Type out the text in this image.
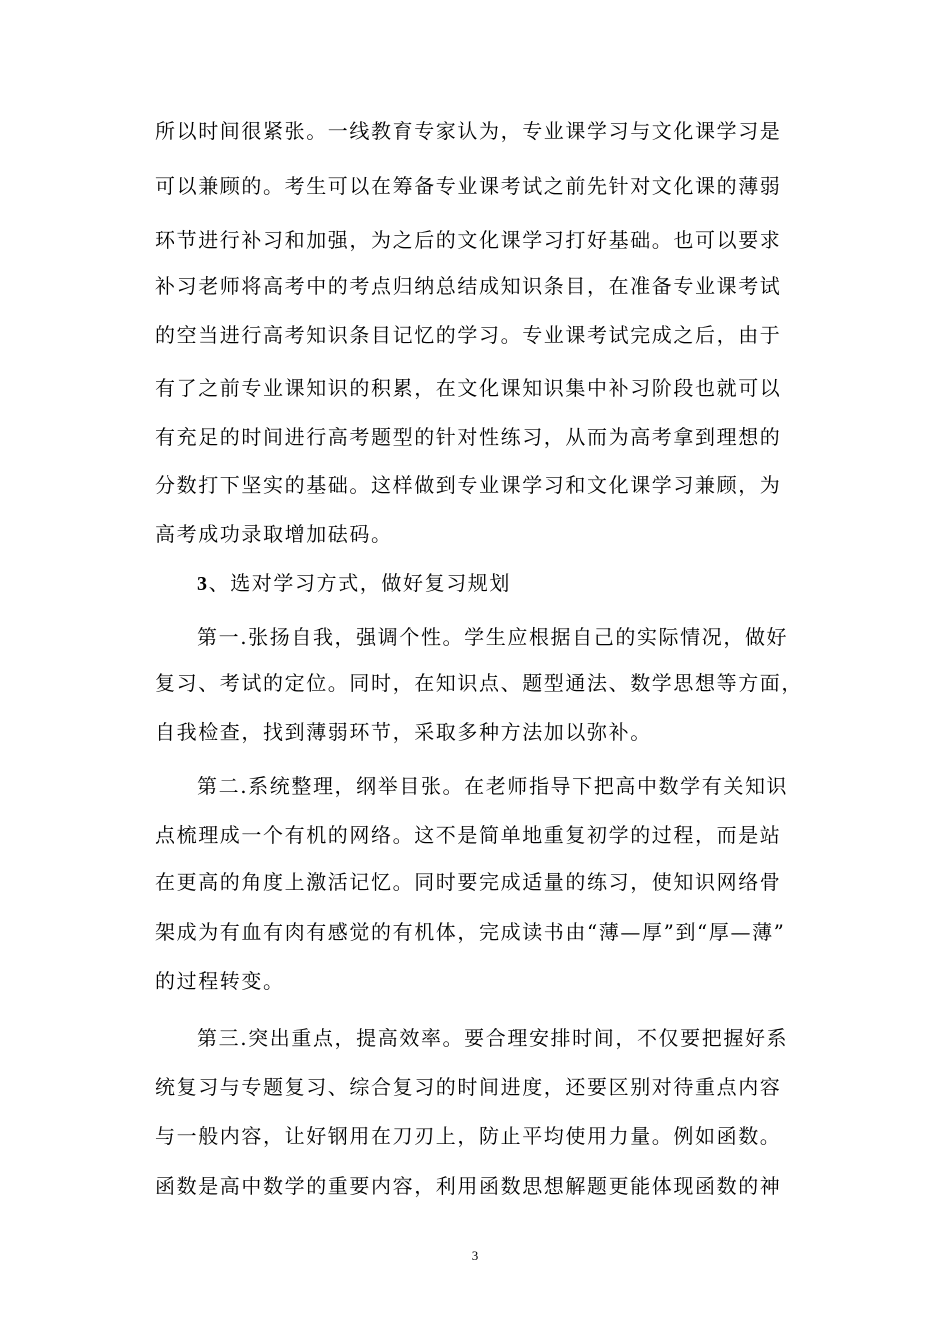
所以时间很紧张。一线教育专家认为，专业课学习与文化课学习是
可以兼顾的。考生可以在筹备专业课考试之前先针对文化课的薄弱
环节进行补习和加强，为之后的文化课学习打好基础。也可以要求
补习老师将高考中的考点归纳总结成知识条目，在准备专业课考试
的空当进行高考知识条目记忆的学习。专业课考试完成之后，由于
有了之前专业课知识的积累，在文化课知识集中补习阶段也就可以
有充足的时间进行高考题型的针对性练习，从而为高考拿到理想的
分数打下坚实的基础。这样做到专业课学习和文化课学习兼顾，为
高考成功录取增加砝码。
3、选对学习方式，做好复习规划
第一.张扬自我，强调个性。学生应根据自己的实际情况，做好
复习、考试的定位。同时，在知识点、题型通法、数学思想等方面，
自我检查，找到薄弱环节，采取多种方法加以弥补。
第二.系统整理，纲举目张。在老师指导下把高中数学有关知识
点梳理成一个有机的网络。这不是简单地重复初学的过程，而是站
在更高的角度上激活记忆。同时要完成适量的练习，使知识网络骨
架成为有血有肉有感觉的有机体，完成读书由“薄—厚”到“厚—薄”
的过程转变。
第三.突出重点，提高效率。要合理安排时间，不仅要把握好系
统复习与专题复习、综合复习的时间进度，还要区别对待重点内容
与一般内容，让好钢用在刀刃上，防止平均使用力量。例如函数。
函数是高中数学的重要内容，利用函数思想解题更能体现函数的神
3
